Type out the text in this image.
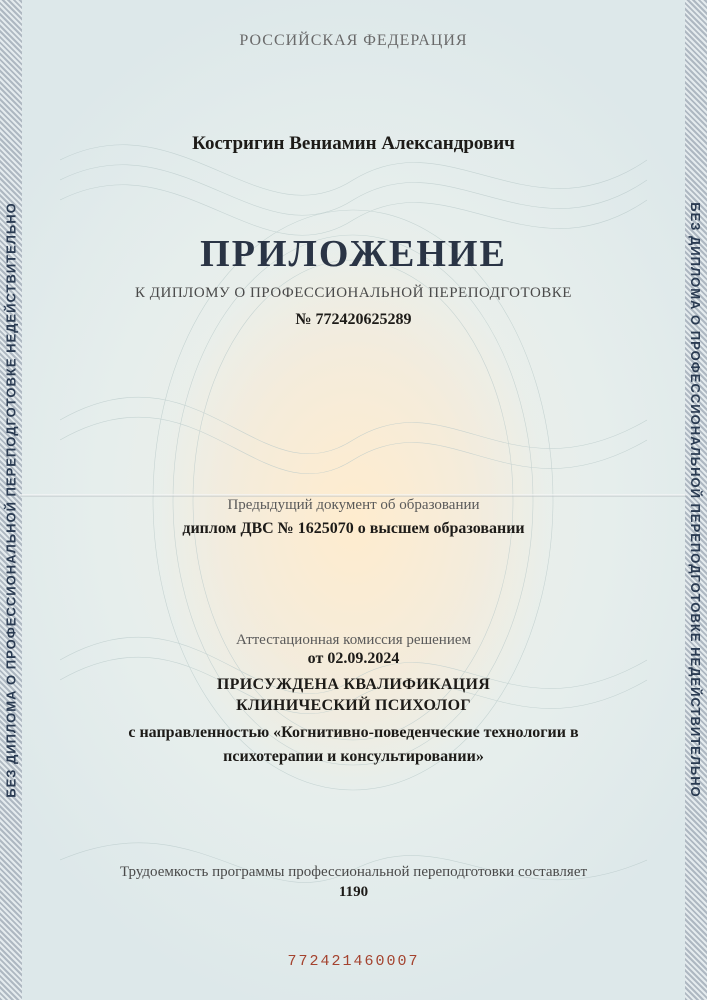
БЕЗ ДИПЛОМА О ПРОФЕССИОНАЛЬНОЙ ПЕРЕПОДГОТОВКЕ НЕДЕЙСТВИТЕЛЬНО	БЕЗ ДИПЛОМА О ПРОФЕССИОНАЛЬНОЙ ПЕРЕПОДГОТОВКЕ НЕДЕЙСТВИТЕЛЬНО
РОССИЙСКАЯ ФЕДЕРАЦИЯ
Костригин Вениамин Александрович
ПРИЛОЖЕНИЕ
К ДИПЛОМУ О ПРОФЕССИОНАЛЬНОЙ ПЕРЕПОДГОТОВКЕ
№ 772420625289
Предыдущий документ об образовании
диплом ДВС № 1625070 о высшем образовании
Аттестационная комиссия решением
от 02.09.2024
ПРИСУЖДЕНА КВАЛИФИКАЦИЯ
КЛИНИЧЕСКИЙ ПСИХОЛОГ
с направленностью «Когнитивно-поведенческие технологии в
психотерапии и консультировании»
Трудоемкость программы профессиональной переподготовки составляет
1190
772421460007
